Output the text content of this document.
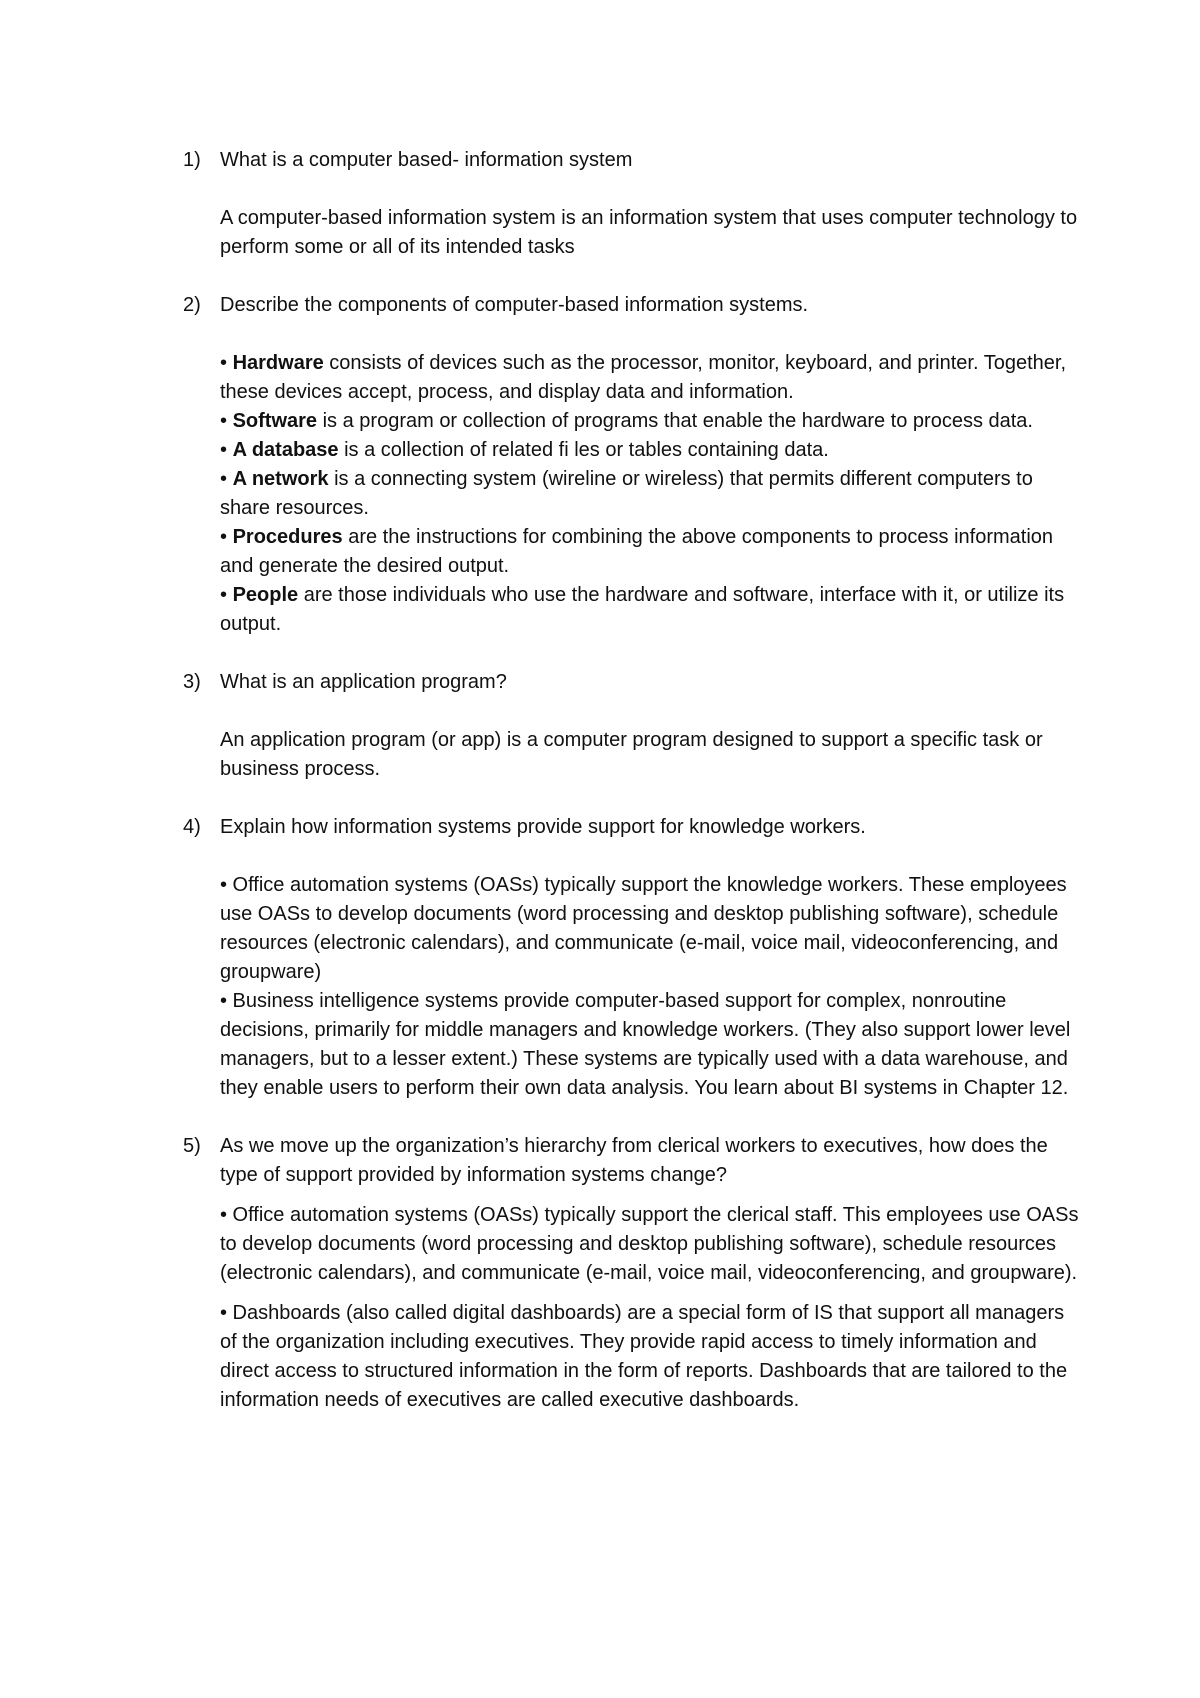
1) What is a computer based- information system

A computer-based information system is an information system that uses computer technology to perform some or all of its intended tasks

2) Describe the components of computer-based information systems.

• Hardware consists of devices such as the processor, monitor, keyboard, and printer. Together, these devices accept, process, and display data and information.

• Software is a program or collection of programs that enable the hardware to process data.

• A database is a collection of related fi les or tables containing data.

• A network is a connecting system (wireline or wireless) that permits different computers to share resources.

• Procedures are the instructions for combining the above components to process information and generate the desired output.

• People are those individuals who use the hardware and software, interface with it, or utilize its output.

3) What is an application program?

An application program (or app) is a computer program designed to support a specific task or business process.

4) Explain how information systems provide support for knowledge workers.

• Office automation systems (OASs) typically support the knowledge workers. These employees use OASs to develop documents (word processing and desktop publishing software), schedule resources (electronic calendars), and communicate (e-mail, voice mail, videoconferencing, and groupware)

• Business intelligence systems provide computer-based support for complex, nonroutine decisions, primarily for middle managers and knowledge workers. (They also support lower level managers, but to a lesser extent.) These systems are typically used with a data warehouse, and they enable users to perform their own data analysis. You learn about BI systems in Chapter 12.

5) As we move up the organization’s hierarchy from clerical workers to executives, how does the type of support provided by information systems change?

• Office automation systems (OASs) typically support the clerical staff. This employees use OASs to develop documents (word processing and desktop publishing software), schedule resources (electronic calendars), and communicate (e-mail, voice mail, videoconferencing, and groupware).

• Dashboards (also called digital dashboards) are a special form of IS that support all managers of the organization including executives. They provide rapid access to timely information and direct access to structured information in the form of reports. Dashboards that are tailored to the information needs of executives are called executive dashboards.
